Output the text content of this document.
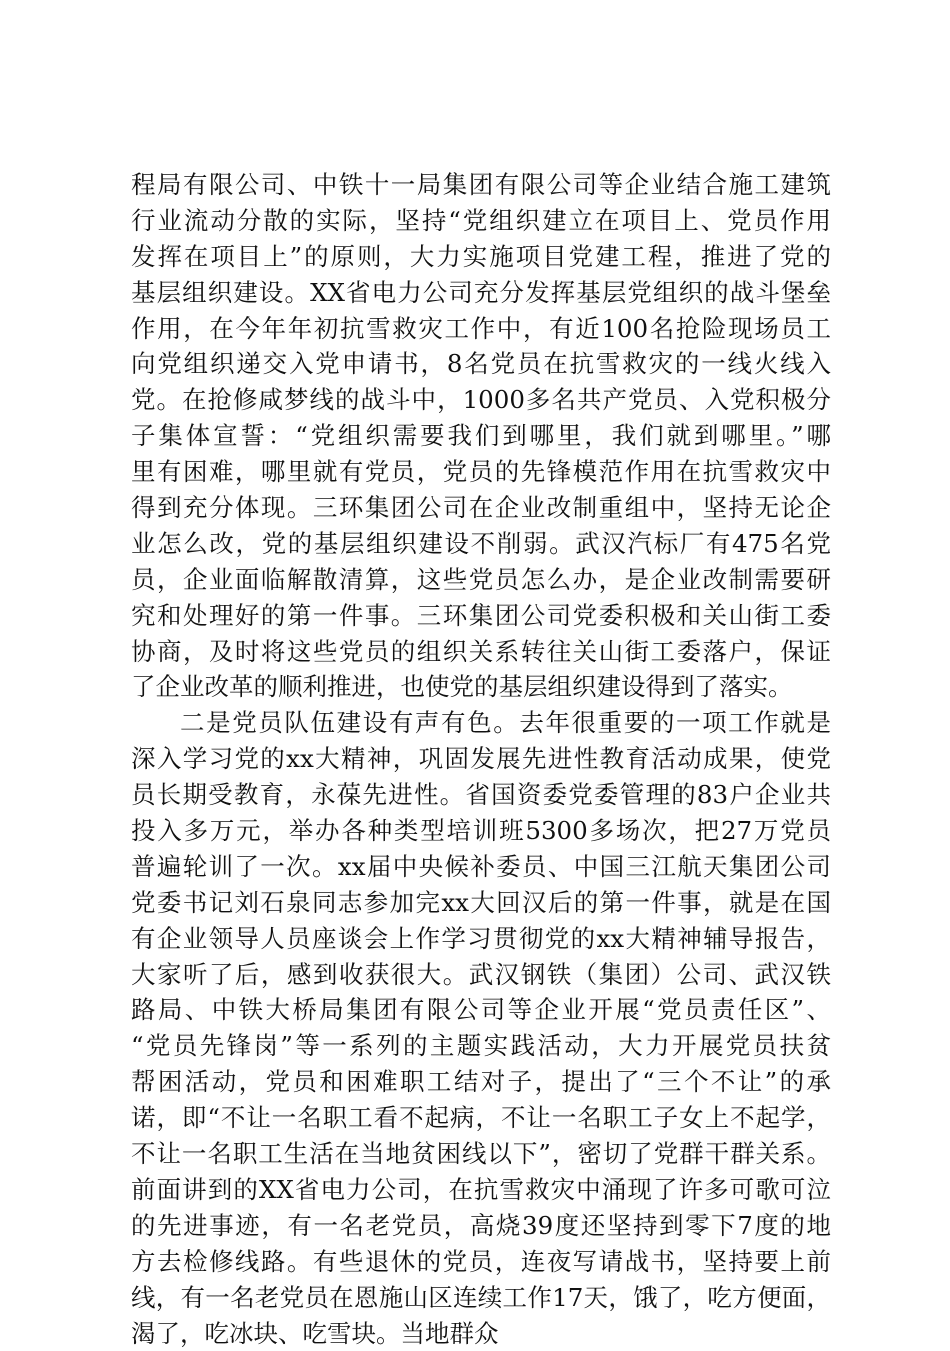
程局有限公司、中铁十一局集团有限公司等企业结合施工建筑
行业流动分散的实际，坚持“党组织建立在项目上、党员作用
发挥在项目上”的原则，大力实施项目党建工程，推进了党的
基层组织建设。XX省电力公司充分发挥基层党组织的战斗堡垒
作用，在今年年初抗雪救灾工作中，有近100名抢险现场员工
向党组织递交入党申请书，8名党员在抗雪救灾的一线火线入
党。在抢修咸梦线的战斗中，1000多名共产党员、入党积极分
子集体宣誓：“党组织需要我们到哪里，我们就到哪里。”哪
里有困难，哪里就有党员，党员的先锋模范作用在抗雪救灾中
得到充分体现。三环集团公司在企业改制重组中，坚持无论企
业怎么改，党的基层组织建设不削弱。武汉汽标厂有475名党
员，企业面临解散清算，这些党员怎么办，是企业改制需要研
究和处理好的第一件事。三环集团公司党委积极和关山街工委
协商，及时将这些党员的组织关系转往关山街工委落户，保证
了企业改革的顺利推进，也使党的基层组织建设得到了落实。
二是党员队伍建设有声有色。去年很重要的一项工作就是
深入学习党的xx大精神，巩固发展先进性教育活动成果，使党
员长期受教育，永葆先进性。省国资委党委管理的83户企业共
投入多万元，举办各种类型培训班5300多场次，把27万党员
普遍轮训了一次。xx届中央候补委员、中国三江航天集团公司
党委书记刘石泉同志参加完xx大回汉后的第一件事，就是在国
有企业领导人员座谈会上作学习贯彻党的xx大精神辅导报告，
大家听了后，感到收获很大。武汉钢铁（集团）公司、武汉铁
路局、中铁大桥局集团有限公司等企业开展“党员责任区”、
“党员先锋岗”等一系列的主题实践活动，大力开展党员扶贫
帮困活动，党员和困难职工结对子，提出了“三个不让”的承
诺，即“不让一名职工看不起病，不让一名职工子女上不起学，
不让一名职工生活在当地贫困线以下”，密切了党群干群关系。
前面讲到的XX省电力公司，在抗雪救灾中涌现了许多可歌可泣
的先进事迹，有一名老党员，高烧39度还坚持到零下7度的地
方去检修线路。有些退休的党员，连夜写请战书，坚持要上前
线，有一名老党员在恩施山区连续工作17天，饿了，吃方便面，
渴了，吃冰块、吃雪块。当地群众
